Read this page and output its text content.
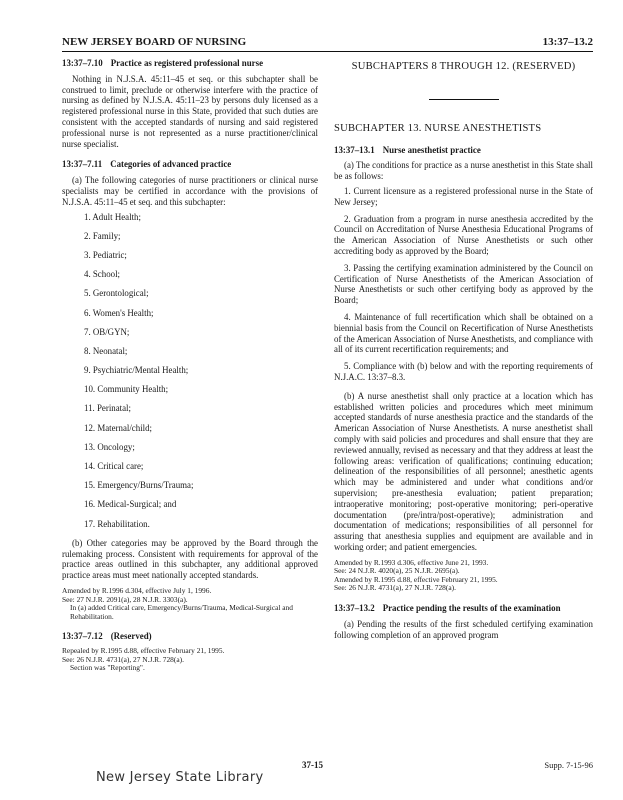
NEW JERSEY BOARD OF NURSING	13:37–13.2
13:37–7.10 Practice as registered professional nurse

Nothing in N.J.S.A. 45:11–45 et seq. or this subchapter shall be construed to limit, preclude or otherwise interfere with the practice of nursing as defined by N.J.S.A. 45:11–23 by persons duly licensed as a registered professional nurse in this State, provided that such duties are consistent with the accepted standards of nursing and said registered professional nurse is not represented as a nurse practitioner/clinical nurse specialist.

13:37–7.11 Categories of advanced practice

(a) The following categories of nurse practitioners or clinical nurse specialists may be certified in accordance with the provisions of N.J.S.A. 45:11–45 et seq. and this subchapter:

1. Adult Health;
2. Family;
3. Pediatric;
4. School;
5. Gerontological;
6. Women's Health;
7. OB/GYN;
8. Neonatal;
9. Psychiatric/Mental Health;
10. Community Health;
11. Perinatal;
12. Maternal/child;
13. Oncology;
14. Critical care;
15. Emergency/Burns/Trauma;
16. Medical-Surgical; and
17. Rehabilitation.

(b) Other categories may be approved by the Board through the rulemaking process. Consistent with requirements for approval of the practice areas outlined in this subchapter, any additional approved practice areas must meet nationally accepted standards.

Amended by R.1996 d.304, effective July 1, 1996.
See: 27 N.J.R. 2091(a), 28 N.J.R. 3303(a).
In (a) added Critical care, Emergency/Burns/Trauma, Medical-Surgical and Rehabilitation.
13:37–7.12 (Reserved)
Repealed by R.1995 d.88, effective February 21, 1995.
See: 26 N.J.R. 4731(a), 27 N.J.R. 728(a).
Section was "Reporting".
SUBCHAPTERS 8 THROUGH 12. (RESERVED)
SUBCHAPTER 13. NURSE ANESTHETISTS
13:37–13.1 Nurse anesthetist practice

(a) The conditions for practice as a nurse anesthetist in this State shall be as follows:

1. Current licensure as a registered professional nurse in the State of New Jersey;

2. Graduation from a program in nurse anesthesia accredited by the Council on Accreditation of Nurse Anesthesia Educational Programs of the American Association of Nurse Anesthetists or such other accrediting body as approved by the Board;

3. Passing the certifying examination administered by the Council on Certification of Nurse Anesthetists of the American Association of Nurse Anesthetists or such other certifying body as approved by the Board;

4. Maintenance of full recertification which shall be obtained on a biennial basis from the Council on Recertification of Nurse Anesthetists of the American Association of Nurse Anesthetists, and compliance with all of its current recertification requirements; and

5. Compliance with (b) below and with the reporting requirements of N.J.A.C. 13:37–8.3.

(b) A nurse anesthetist shall only practice at a location which has established written policies and procedures which meet minimum accepted standards of nurse anesthesia practice and the standards of the American Association of Nurse Anesthetists. A nurse anesthetist shall comply with said policies and procedures and shall ensure that they are reviewed annually, revised as necessary and that they address at least the following areas: verification of qualifications; continuing education; delineation of the responsibilities of all personnel; anesthetic agents which may be administered and under what conditions and/or supervision; pre-anesthesia evaluation; patient preparation; intraoperative monitoring; post-operative monitoring; peri-operative documentation (pre/intra/post-operative); administration and documentation of medications; responsibilities of all personnel for assuring that anesthesia supplies and equipment are available and in working order; and patient emergencies.

Amended by R.1993 d.306, effective June 21, 1993.
See: 24 N.J.R. 4020(a), 25 N.J.R. 2695(a).
Amended by R.1995 d.88, effective February 21, 1995.
See: 26 N.J.R. 4731(a), 27 N.J.R. 728(a).
13:37–13.2 Practice pending the results of the examination

(a) Pending the results of the first scheduled certifying examination following completion of an approved program

37-15	Supp. 7-15-96
New Jersey State Library
